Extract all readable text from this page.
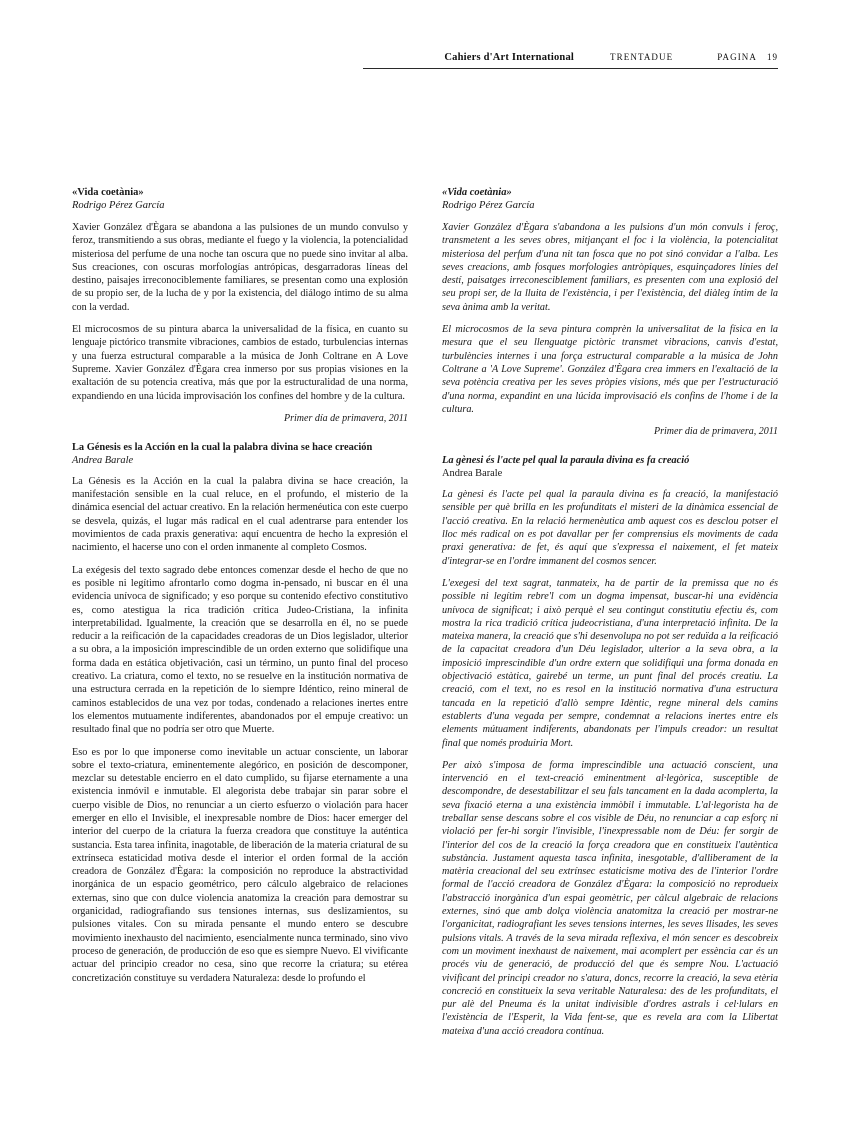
Cahiers d'Art International	TRENTADUE	PAGINA 19

«Vida coetània»

Rodrigo Pérez García

Xavier González d'Ègara se abandona a las pulsiones de un mundo convulso y feroz, transmitiendo a sus obras, mediante el fuego y la violencia, la potencialidad misteriosa del perfume de una noche tan oscura que no puede sino invitar al alba. Sus creaciones, con oscuras morfologías antrópicas, desgarradoras líneas del destino, paisajes irreconociblemente familiares, se presentan como una explosión de su propio ser, de la lucha de y por la existencia, del diálogo íntimo de su alma con la verdad.

El microcosmos de su pintura abarca la universalidad de la física, en cuanto su lenguaje pictórico transmite vibraciones, cambios de estado, turbulencias internas y una fuerza estructural comparable a la música de Jonh Coltrane en A Love Supreme. Xavier González d'Ègara crea inmerso por sus propias visiones en la exaltación de su potencia creativa, más que por la estructuralidad de una norma, expandiendo en una lúcida improvisación los confines del hombre y de la cultura.

Primer día de primavera, 2011

La Génesis es la Acción en la cual la palabra divina se hace creación

Andrea Barale

La Génesis es la Acción en la cual la palabra divina se hace creación, la manifestación sensible en la cual reluce, en el profundo, el misterio de la dinámica esencial del actuar creativo. En la relación hermenéutica con este cuerpo se desvela, quizás, el lugar más radical en el cual adentrarse para entender los movimientos de cada praxis generativa: aquí encuentra de hecho la expresión el nacimiento, el hacerse uno con el orden inmanente al completo Cosmos.

La exégesis del texto sagrado debe entonces comenzar desde el hecho de que no es posible ni legítimo afrontarlo como dogma in-pensado, ni buscar en él una evidencia unívoca de significado; y eso porque su contenido efectivo constitutivo es, como atestigua la rica tradición crítica Judeo-Cristiana, la infinita interpretabilidad. Igualmente, la creación que se desarrolla en él, no se puede reducir a la reificación de la capacidades creadoras de un Dios legislador, ulterior a su obra, a la imposición imprescindible de un orden externo que solidifique una forma dada en estática objetivación, casi un término, un punto final del proceso creativo. La criatura, como el texto, no se resuelve en la institución normativa de una estructura cerrada en la repetición de lo siempre Idéntico, reino mineral de caminos establecidos de una vez por todas, condenado a relaciones inertes entre los elementos mutuamente indiferentes, abandonados por el empuje creativo: un resultado final que no podría ser otro que Muerte.

Eso es por lo que imponerse como inevitable un actuar consciente, un laborar sobre el texto-criatura, eminentemente alegórico, en posición de descomponer, mezclar su detestable encierro en el dato cumplido, su fijarse eternamente a una existencia inmóvil e inmutable. El alegorista debe trabajar sin parar sobre el cuerpo visible de Dios, no renunciar a un cierto esfuerzo o violación para hacer emerger en ello el Invisible, el inexpresable nombre de Dios: hacer emerger del interior del cuerpo de la criatura la fuerza creadora que constituye la auténtica sustancia. Esta tarea infinita, inagotable, de liberación de la materia criatural de su extrínseca estaticidad motiva desde el interior el orden formal de la acción creadora de González d'Ègara: la composición no reproduce la abstractividad inorgánica de un espacio geométrico, pero cálculo algebraico de relaciones externas, sino que con dulce violencia anatomiza la creación para demostrar su organicidad, radiografiando sus tensiones internas, sus deslizamientos, su pulsiones vitales. Con su mirada pensante el mundo entero se descubre movimiento inexhausto del nacimiento, esencialmente nunca terminado, sino vivo proceso de generación, de producción de eso que es siempre Nuevo. El vivificante actuar del principio creador no cesa, sino que recorre la criatura; su etérea concretización constituye su verdadera Naturaleza: desde lo profundo el

«Vida coetània»

Rodrigo Pérez García

Xavier González d'Ègara s'abandona a les pulsions d'un món convuls i feroç, transmetent a les seves obres, mitjançant el foc i la violència, la potencialitat misteriosa del perfum d'una nit tan fosca que no pot sinó convidar a l'alba. Les seves creacions, amb fosques morfologies antròpiques, esquinçadores línies del destí, paisatges irreconesciblement familiars, es presenten com una explosió del seu propi ser, de la lluita de l'existència, i per l'existència, del diàleg íntim de la seva ànima amb la veritat.

El microcosmos de la seva pintura comprèn la universalitat de la física en la mesura que el seu llenguatge pictòric transmet vibracions, canvis d'estat, turbulències internes i una força estructural comparable a la música de John Coltrane a 'A Love Supreme'. González d'Ègara crea immers en l'exaltació de la seva potència creativa per les seves pròpies visions, més que per l'estructuració d'una norma, expandint en una lúcida improvisació els confins de l'home i de la cultura.

Primer dia de primavera, 2011

La gènesi és l'acte pel qual la paraula divina es fa creació

Andrea Barale

La gènesi és l'acte pel qual la paraula divina es fa creació, la manifestació sensible per què brilla en les profunditats el misteri de la dinàmica essencial de l'acció creativa. En la relació hermenèutica amb aquest cos es desclou potser el lloc més radical on es pot davallar per fer comprensius els moviments de cada praxi generativa: de fet, és aquí que s'expressa el naixement, el fet mateix d'integrar-se en l'ordre immanent del cosmos sencer.

L'exegesi del text sagrat, tanmateix, ha de partir de la premissa que no és possible ni legítim rebre'l com un dogma impensat, buscar-hi una evidència unívoca de significat; i això perquè el seu contingut constitutiu efectiu és, com mostra la rica tradició crítica judeocristiana, d'una interpretació infinita. De la mateixa manera, la creació que s'hi desenvolupa no pot ser reduïda a la reificació de la capacitat creadora d'un Déu legislador, ulterior a la seva obra, a la imposició imprescindible d'un ordre extern que solidifiqui una forma donada en objectivació estàtica, gairebé un terme, un punt final del procés creatiu. La creació, com el text, no es resol en la institució normativa d'una estructura tancada en la repetició d'allò sempre Idèntic, regne mineral dels camins establerts d'una vegada per sempre, condemnat a relacions inertes entre els elements mútuament indiferents, abandonats per l'impuls creador: un resultat final que només produiria Mort.

Per això s'imposa de forma imprescindible una actuació conscient, una intervenció en el text-creació eminentment al·legòrica, susceptible de descompondre, de desestabilitzar el seu fals tancament en la dada acomplerta, la seva fixació eterna a una existència immòbil i immutable. L'al·legorista ha de treballar sense descans sobre el cos visible de Déu, no renunciar a cap esforç ni violació per fer-hi sorgir l'invisible, l'inexpressable nom de Déu: fer sorgir de l'interior del cos de la creació la força creadora que en constitueix l'autèntica substància. Justament aquesta tasca infinita, inesgotable, d'alliberament de la matèria creacional del seu extrínsec estaticisme motiva des de l'interior l'ordre formal de l'acció creadora de González d'Ègara: la composició no reprodueix l'abstracció inorgànica d'un espai geomètric, per càlcul algebraic de relacions externes, sinó que amb dolça violència anatomitza la creació per mostrar-ne l'organicitat, radiografiant les seves tensions internes, les seves llisades, les seves pulsions vitals. A través de la seva mirada reflexiva, el món sencer es descobreix com un moviment inexhaust de naixement, mai acomplert per essència car és un procés viu de generació, de producció del que és sempre Nou. L'actuació vivificant del principi creador no s'atura, doncs, recorre la creació, la seva etèria concreció en constitueix la seva veritable Naturalesa: des de les profunditats, el pur alè del Pneuma és la unitat indivisible d'ordres astrals i cel·lulars en l'existència de l'Esperit, la Vida fent-se, que es revela ara com la Llibertat mateixa d'una acció creadora contínua.
